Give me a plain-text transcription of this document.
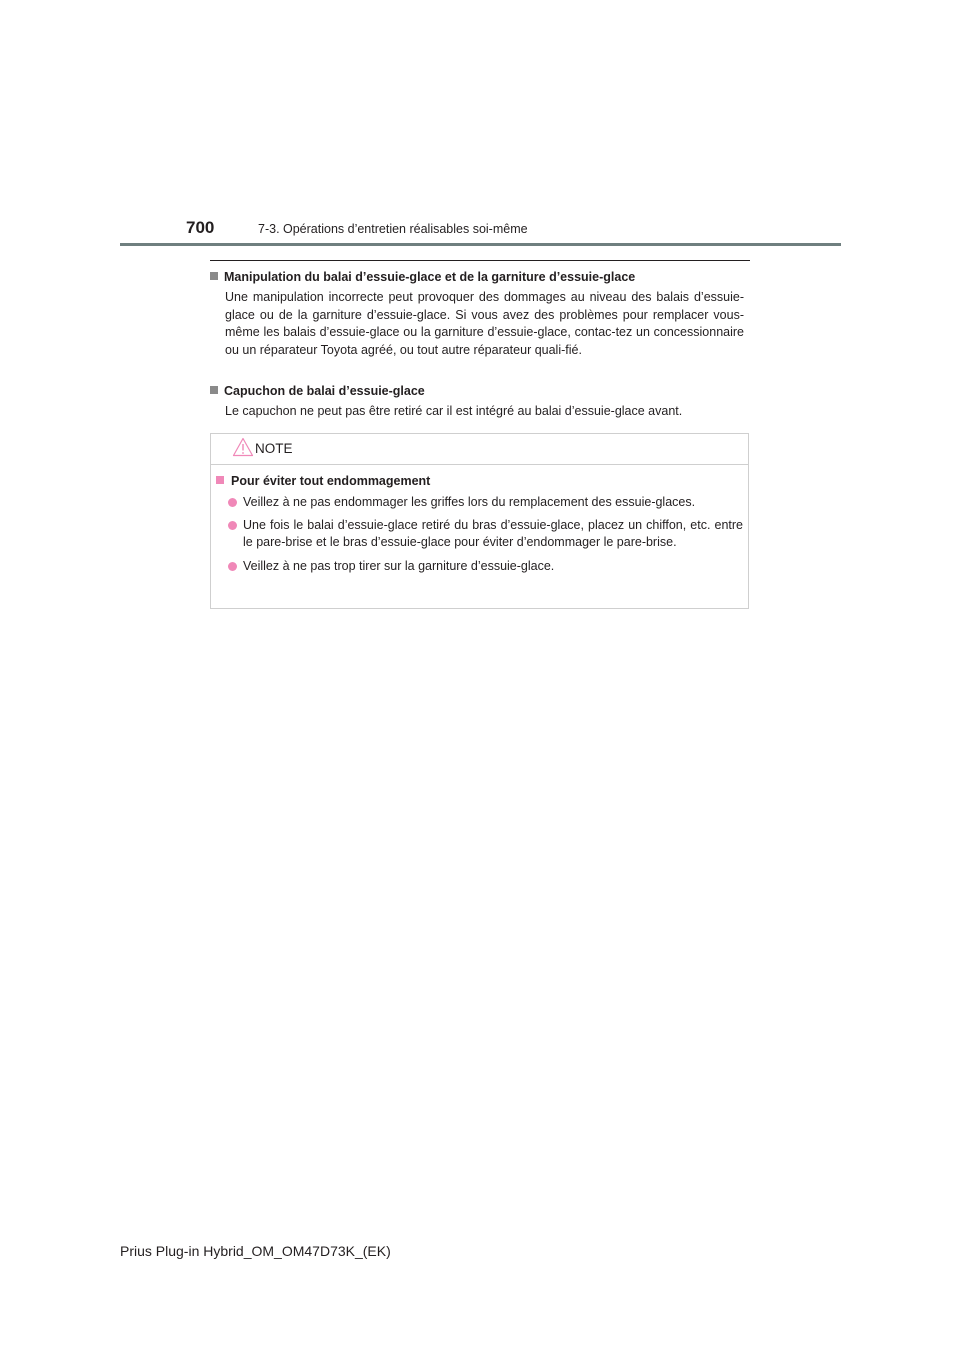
700	7-3. Opérations d’entretien réalisables soi-même
Manipulation du balai d’essuie-glace et de la garniture d’essuie-glace
Une manipulation incorrecte peut provoquer des dommages au niveau des balais d’essuie-glace ou de la garniture d’essuie-glace. Si vous avez des problèmes pour remplacer vous-même les balais d’essuie-glace ou la garniture d’essuie-glace, contac-tez un concessionnaire ou un réparateur Toyota agréé, ou tout autre réparateur quali-fié.
Capuchon de balai d’essuie-glace
Le capuchon ne peut pas être retiré car il est intégré au balai d’essuie-glace avant.
NOTE
Pour éviter tout endommagement
Veillez à ne pas endommager les griffes lors du remplacement des essuie-glaces.
Une fois le balai d’essuie-glace retiré du bras d’essuie-glace, placez un chiffon, etc. entre le pare-brise et le bras d’essuie-glace pour éviter d’endommager le pare-brise.
Veillez à ne pas trop tirer sur la garniture d’essuie-glace.
Prius Plug-in Hybrid_OM_OM47D73K_(EK)
